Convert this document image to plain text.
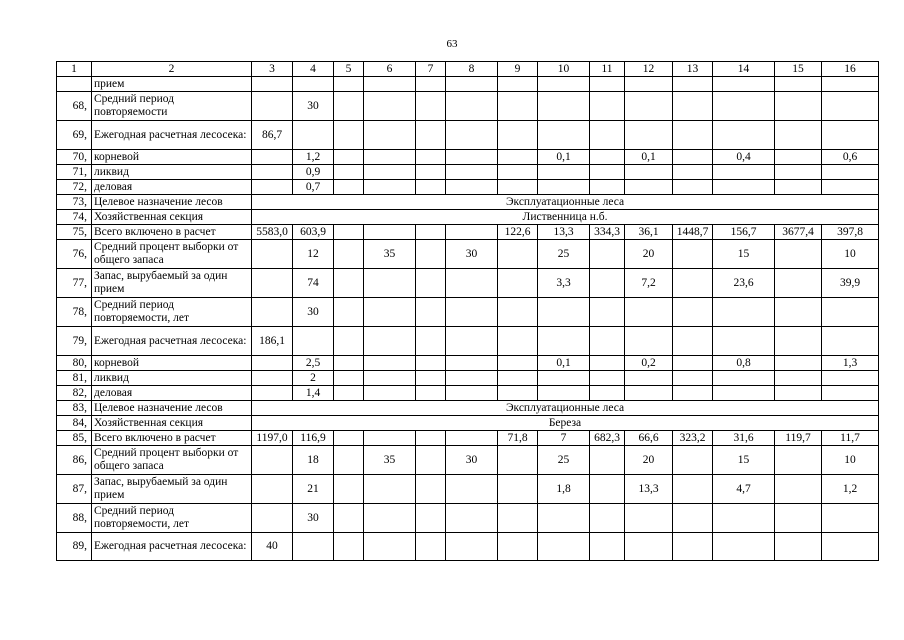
63
1	2	3	4	5	6	7	8	9	10	11	12	13	14	15	16
	прием														
68,	Средний период повторяемости		30												
69,	Ежегодная расчетная лесосека:	86,7													
70,	корневой		1,2						0,1		0,1		0,4		0,6
71,	ликвид		0,9												
72,	деловая		0,7												
73,	Целевое назначение лесов	Эксплуатационные леса													
74,	Хозяйственная секция	Лиственница н.б.													
75,	Всего включено в расчет	5583,0	603,9					122,6	13,3	334,3	36,1	1448,7	156,7	3677,4	397,8
76,	Средний процент выборки от общего запаса		12		35		30		25		20		15		10
77,	Запас, вырубаемый за один прием		74						3,3		7,2		23,6		39,9
78,	Средний период повторяемости, лет		30												
79,	Ежегодная расчетная лесосека:	186,1													
80,	корневой		2,5						0,1		0,2		0,8		1,3
81,	ликвид		2												
82,	деловая		1,4												
83,	Целевое назначение лесов	Эксплуатационные леса													
84,	Хозяйственная секция	Береза													
85,	Всего включено в расчет	1197,0	116,9					71,8	7	682,3	66,6	323,2	31,6	119,7	11,7
86,	Средний процент выборки от общего запаса		18		35		30		25		20		15		10
87,	Запас, вырубаемый за один прием		21						1,8		13,3		4,7		1,2
88,	Средний период повторяемости, лет		30												
89,	Ежегодная расчетная лесосека:	40													
